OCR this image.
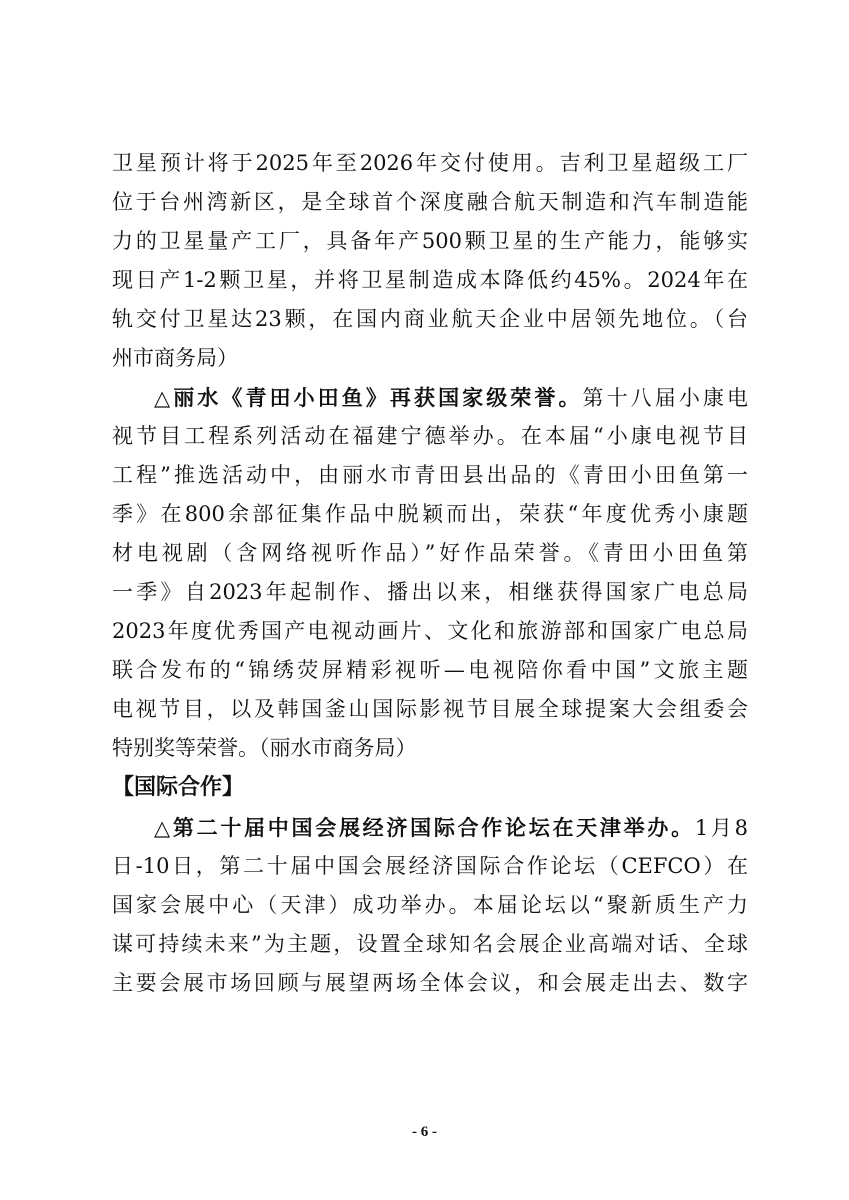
卫星预计将于2025年至2026年交付使用。吉利卫星超级工厂
位于台州湾新区，是全球首个深度融合航天制造和汽车制造能
力的卫星量产工厂，具备年产500颗卫星的生产能力，能够实
现日产1-2颗卫星，并将卫星制造成本降低约45%。2024年在
轨交付卫星达23颗，在国内商业航天企业中居领先地位。（台
州市商务局）
△丽水《青田小田鱼》再获国家级荣誉。第十八届小康电
视节目工程系列活动在福建宁德举办。在本届“小康电视节目
工程”推选活动中，由丽水市青田县出品的《青田小田鱼第一
季》在800余部征集作品中脱颖而出，荣获“年度优秀小康题
材电视剧（含网络视听作品）”好作品荣誉。《青田小田鱼第
一季》自2023年起制作、播出以来，相继获得国家广电总局
2023年度优秀国产电视动画片、文化和旅游部和国家广电总局
联合发布的“锦绣荧屏精彩视听—电视陪你看中国”文旅主题
电视节目，以及韩国釜山国际影视节目展全球提案大会组委会
特别奖等荣誉。（丽水市商务局）
【国际合作】
△第二十届中国会展经济国际合作论坛在天津举办。1月8
日-10日，第二十届中国会展经济国际合作论坛（CEFCO）在
国家会展中心（天津）成功举办。本届论坛以“聚新质生产力
谋可持续未来”为主题，设置全球知名会展企业高端对话、全球
主要会展市场回顾与展望两场全体会议，和会展走出去、数字
- 6 -
